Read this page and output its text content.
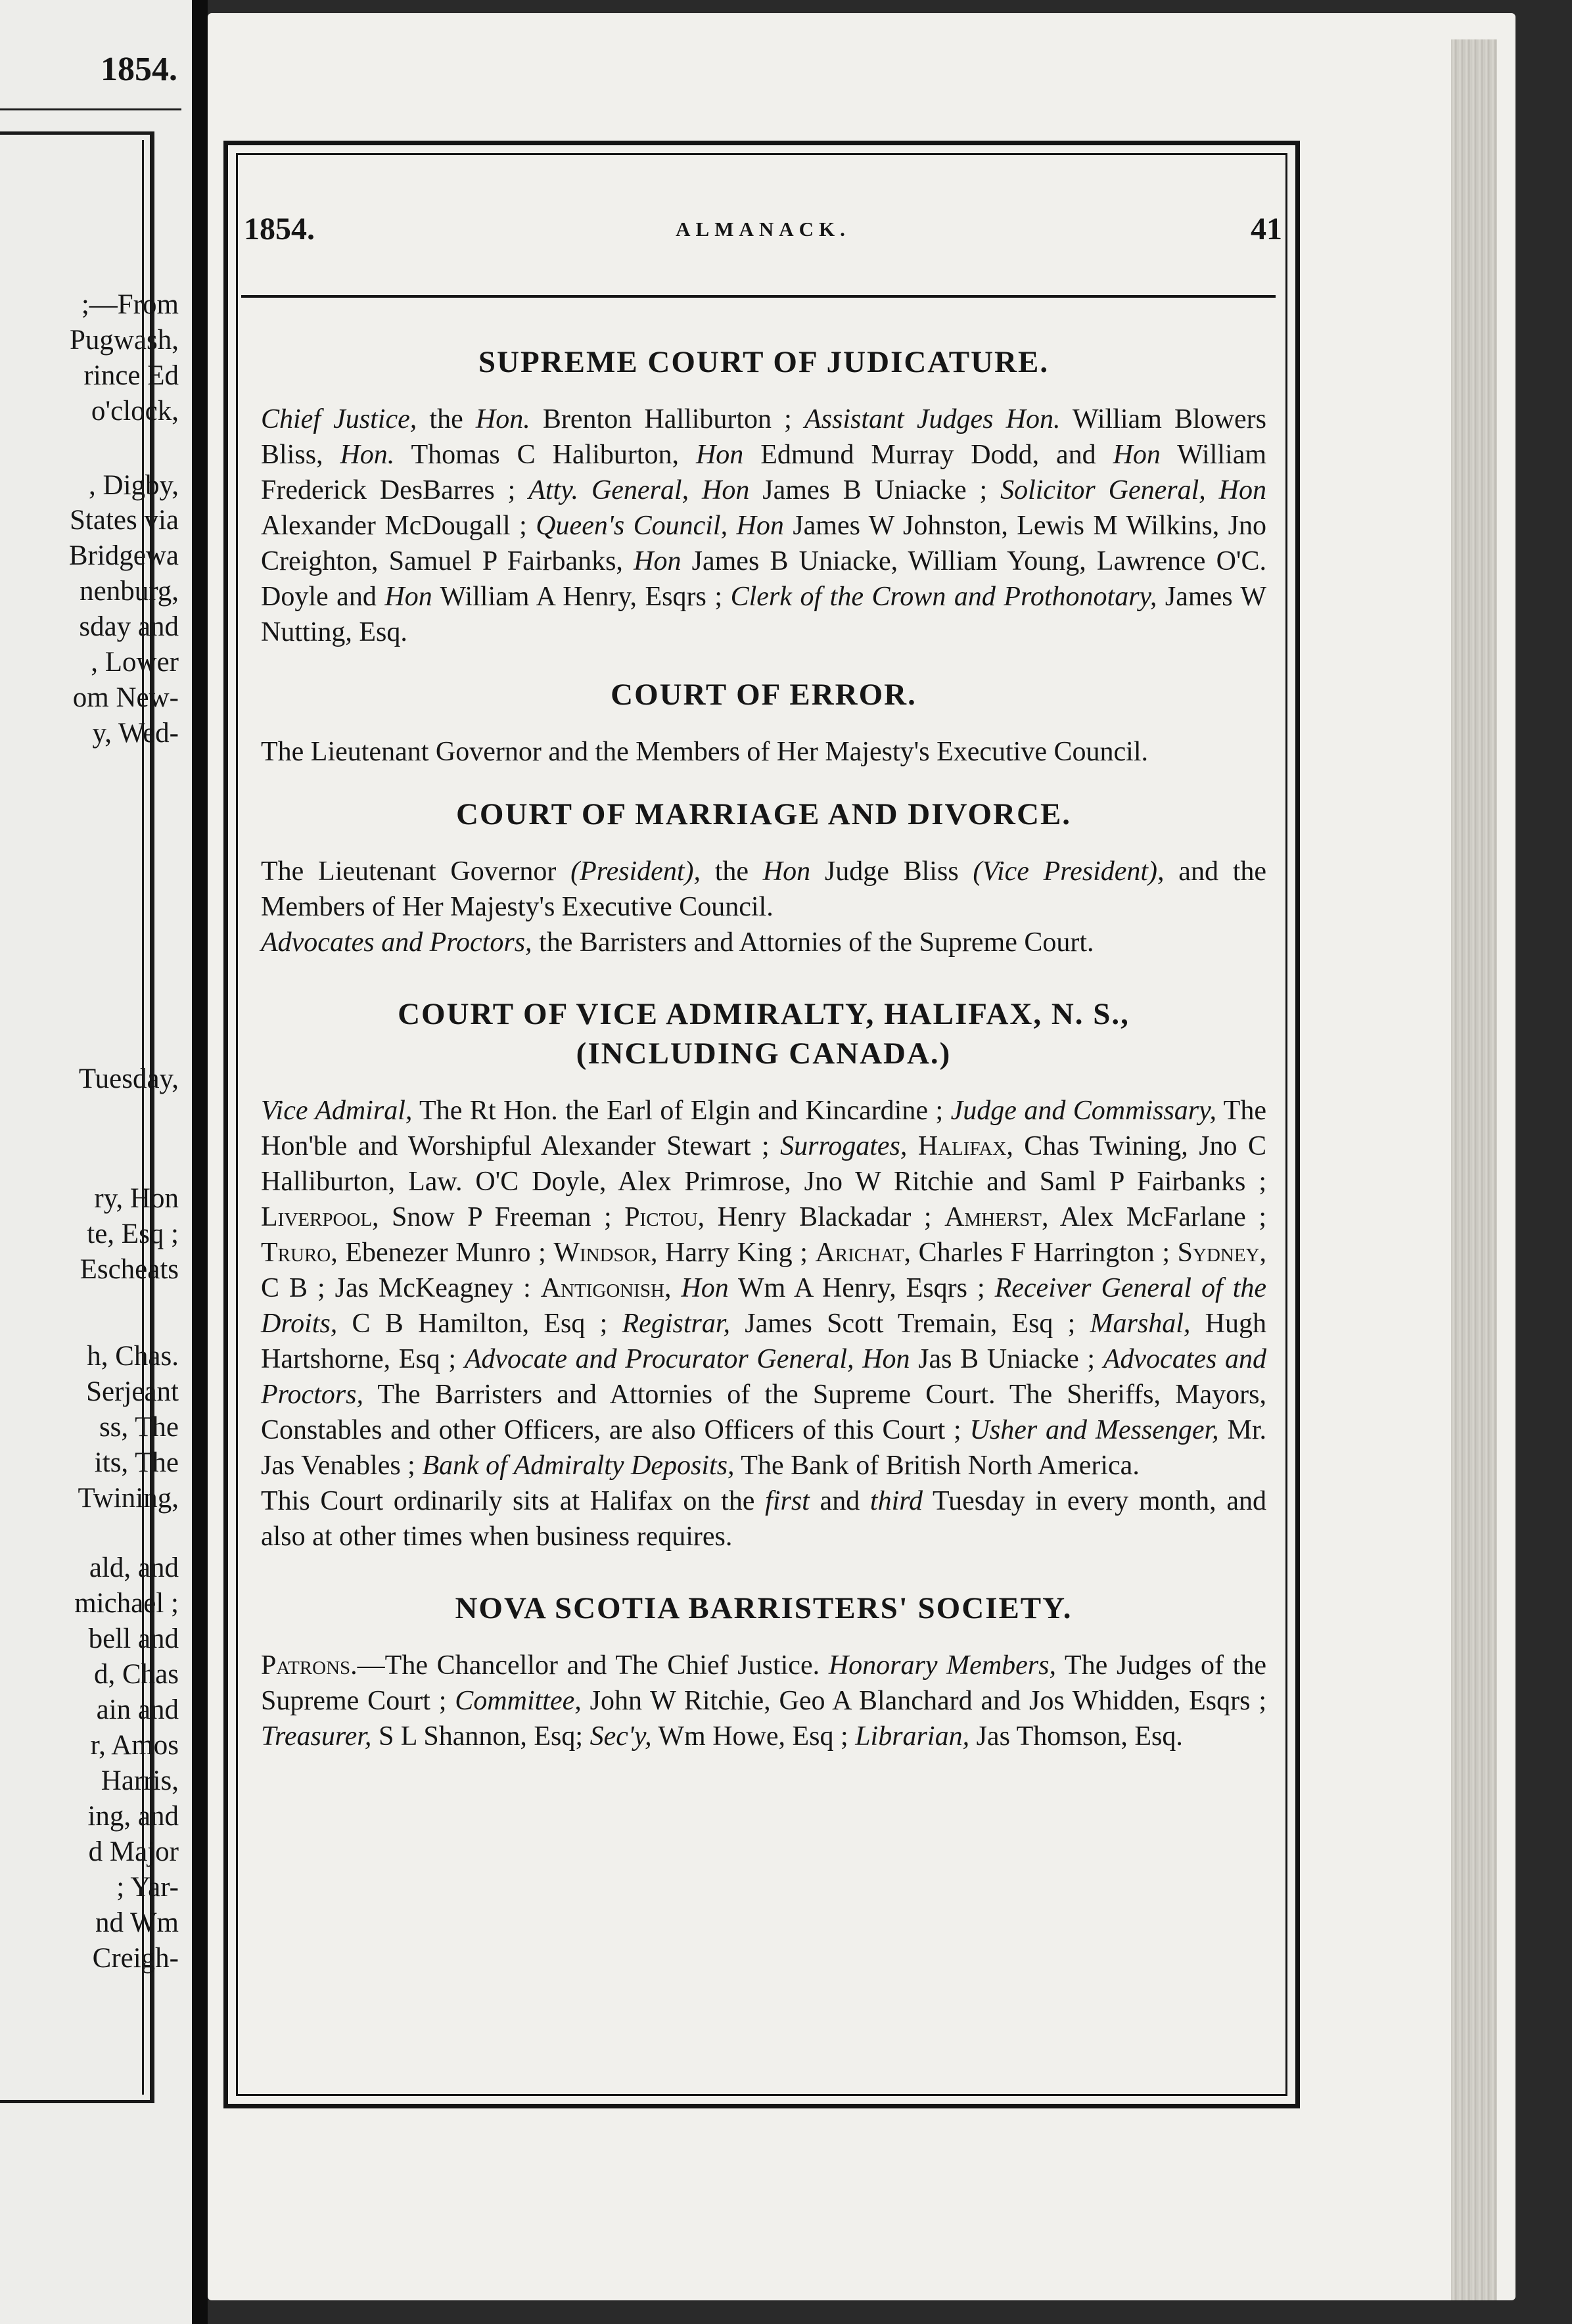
1854.
;—From
Pugwash,
rince Ed
o'clock,
, Digby,
States via
Bridgewa
nenburg,
sday and
, Lower
om New-
y, Wed-
Tuesday,
ry, Hon
te, Esq ;
Escheats
h, Chas.
Serjeant
ss, The
its, The
Twining,
ald, and
michael ;
bell and
d, Chas
ain and
r, Amos
Harris,
ing, and
d Major
; Yar-
nd Wm
Creigh-
1854.	ALMANACK.	41
SUPREME COURT OF JUDICATURE.

Chief Justice, the Hon. Brenton Halliburton ; Assistant Judges Hon. William Blowers Bliss, Hon. Thomas C Haliburton, Hon Edmund Murray Dodd, and Hon William Frederick DesBarres ; Atty. General, Hon James B Uniacke ; Solicitor General, Hon Alexander McDougall ; Queen's Council, Hon James W Johnston, Lewis M Wilkins, Jno Creighton, Samuel P Fairbanks, Hon James B Uniacke, William Young, Lawrence O'C. Doyle and Hon William A Henry, Esqrs ; Clerk of the Crown and Prothonotary, James W Nutting, Esq.

COURT OF ERROR.

The Lieutenant Governor and the Members of Her Majesty's Executive Council.

COURT OF MARRIAGE AND DIVORCE.

The Lieutenant Governor (President), the Hon Judge Bliss (Vice President), and the Members of Her Majesty's Executive Council.

Advocates and Proctors, the Barristers and Attornies of the Supreme Court.

COURT OF VICE ADMIRALTY, HALIFAX, N. S.,
(INCLUDING CANADA.)

Vice Admiral, The Rt Hon. the Earl of Elgin and Kincardine ; Judge and Commissary, The Hon'ble and Worshipful Alexander Stewart ; Surrogates, Halifax, Chas Twining, Jno C Halliburton, Law. O'C Doyle, Alex Primrose, Jno W Ritchie and Saml P Fairbanks ; Liverpool, Snow P Freeman ; Pictou, Henry Blackadar ; Amherst, Alex McFarlane ; Truro, Ebenezer Munro ; Windsor, Harry King ; Arichat, Charles F Harrington ; Sydney, C B ; Jas McKeagney : Antigonish, Hon Wm A Henry, Esqrs ; Receiver General of the Droits, C B Hamilton, Esq ; Registrar, James Scott Tremain, Esq ; Marshal, Hugh Hartshorne, Esq ; Advocate and Procurator General, Hon Jas B Uniacke ; Advocates and Proctors, The Barristers and Attornies of the Supreme Court. The Sheriffs, Mayors, Constables and other Officers, are also Officers of this Court ; Usher and Messenger, Mr. Jas Venables ; Bank of Admiralty Deposits, The Bank of British North America.

This Court ordinarily sits at Halifax on the first and third Tuesday in every month, and also at other times when business requires.

NOVA SCOTIA BARRISTERS' SOCIETY.

Patrons.—The Chancellor and The Chief Justice. Honorary Members, The Judges of the Supreme Court ; Committee, John W Ritchie, Geo A Blanchard and Jos Whidden, Esqrs ; Treasurer, S L Shannon, Esq; Sec'y, Wm Howe, Esq ; Librarian, Jas Thomson, Esq.
